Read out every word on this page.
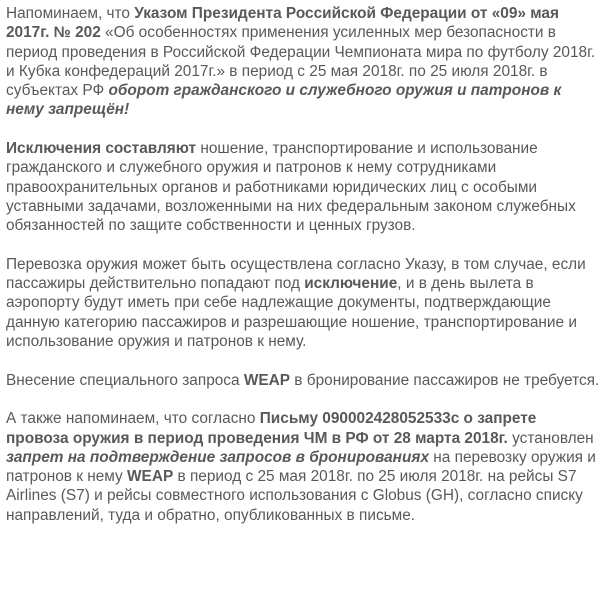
Напоминаем, что Указом Президента Российской Федерации от «09» мая 2017г. № 202 «Об особенностях применения усиленных мер безопасности в период проведения в Российской Федерации Чемпионата мира по футболу 2018г. и Кубка конфедераций 2017г.» в период с 25 мая 2018г. по 25 июля 2018г. в субъектах РФ оборот гражданского и служебного оружия и патронов к нему запрещён!

Исключения составляют ношение, транспортирование и использование гражданского и служебного оружия и патронов к нему сотрудниками правоохранительных органов и работниками юридических лиц с особыми уставными задачами, возложенными на них федеральным законом служебных обязанностей по защите собственности и ценных грузов.

Перевозка оружия может быть осуществлена согласно Указу, в том случае, если пассажиры действительно попадают под исключение, и в день вылета в аэропорту будут иметь при себе надлежащие документы, подтверждающие данную категорию пассажиров и разрешающие ношение, транспортирование и использование оружия и патронов к нему.

Внесение специального запроса WEAP в бронирование пассажиров не требуется.

А также напоминаем, что согласно Письму 090002428052533c о запрете провоза оружия в период проведения ЧМ в РФ от 28 марта 2018г. установлен запрет на подтверждение запросов в бронированиях на перевозку оружия и патронов к нему WEAP в период с 25 мая 2018г. по 25 июля 2018г. на рейсы S7 Airlines (S7) и рейсы совместного использования с Globus (GH), согласно списку направлений, туда и обратно, опубликованных в письме.
